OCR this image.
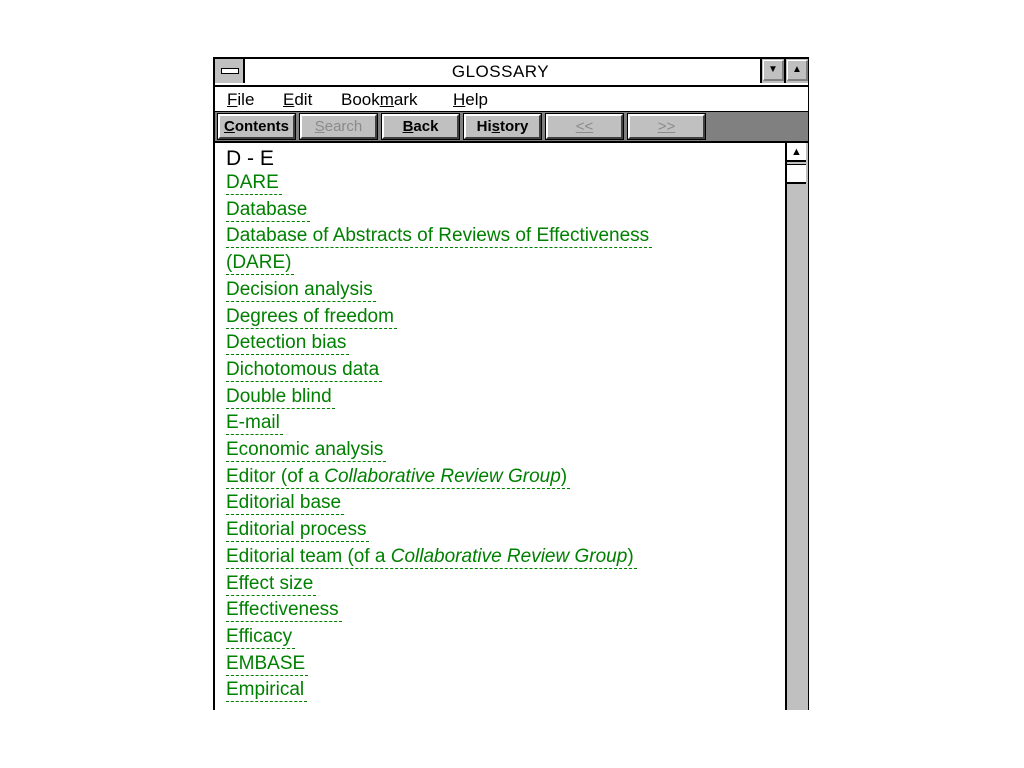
GLOSSARY	▼	▲
File Edit Bookmark Help
Contents	Search	Back	History	<<	>>
D - E
DARE
Database
Database of Abstracts of Reviews of Effectiveness
(DARE)
Decision analysis
Degrees of freedom
Detection bias
Dichotomous data
Double blind
E-mail
Economic analysis
Editor (of a Collaborative Review Group)
Editorial base
Editorial process
Editorial team (of a Collaborative Review Group)
Effect size
Effectiveness
Efficacy
EMBASE
Empirical
▲
